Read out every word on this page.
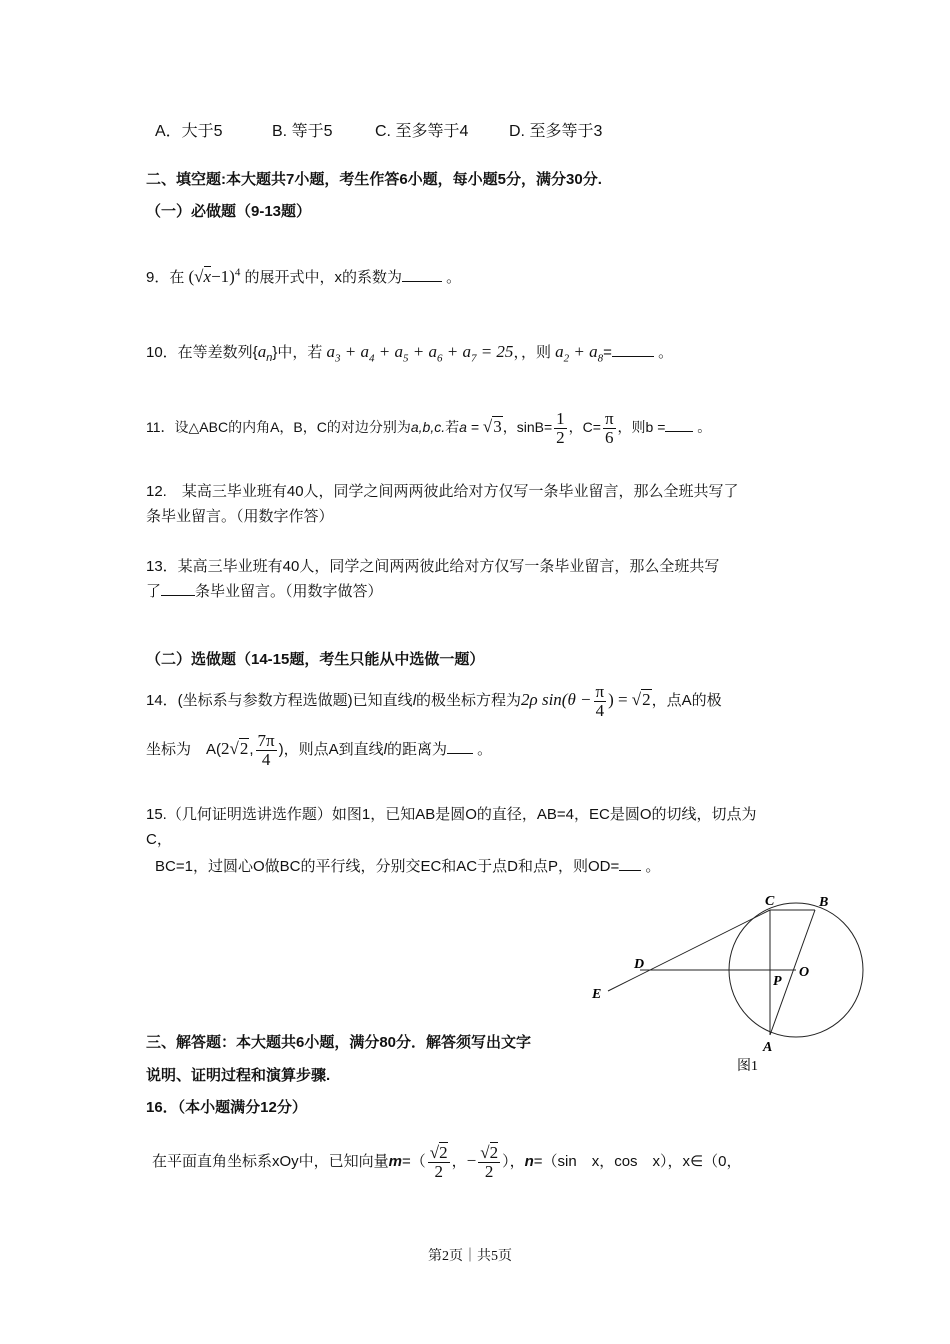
A．大于5	B. 等于5	C. 至多等于4	D. 至多等于3
二、填空题:本大题共7小题，考生作答6小题，每小题5分，满分30分.
（一）必做题（9-13题）
9．在 $(√x-1)^4$ 的展开式中，x的系数为	。
10．在等差数列$\{a_n\}$中，若 $a_3 + a_4 + a_5 + a_6 + a_7 = 25$，，则 $a_2 + a_8=$	。
11．设△ABC的内角A，B，C的对边分别为a,b,c.若a = √3，$\sin B= \frac{1}{2}$ ，$C= \frac{\pi}{6}$ ，则b = 。
12.　某高三毕业班有40人，同学之间两两彼此给对方仅写一条毕业留言，那么全班共写了
条毕业留言。（用数字作答）
13．某高三毕业班有40人，同学之间两两彼此给对方仅写一条毕业留言，那么全班共写
了 条毕业留言。（用数字做答）
（二）选做题（14-15题，考生只能从中选做一题）
14．(坐标系与参数方程选做题)已知直线l的极坐标方程为2ρ $\sin(\theta - \frac{\pi}{4}$ ) = √2，点A的极
坐标为　A(2√2, $\frac{7\pi}{4}$ )，则点A到直线l的距离为 。
15.（几何证明选讲选作题）如图1，已知AB是圆O的直径，AB=4，EC是圆O的切线，切点为
C，
BC=1，过圆心O做BC的平行线，分别交EC和AC于点D和点P，则OD= 。
C	B
D
O
P
E
A
图1
三、解答题：本大题共6小题，满分80分．解答须写出文字
说明、证明过程和演算步骤.
16．（本小题满分12分）
在平面直角坐标系xOy中，已知向量$m=( \frac{√2}{2}$ ，− $\frac{√2}{2}$ ），n=（sin　x，cos　x），x∈（0，
第2页｜共5页
